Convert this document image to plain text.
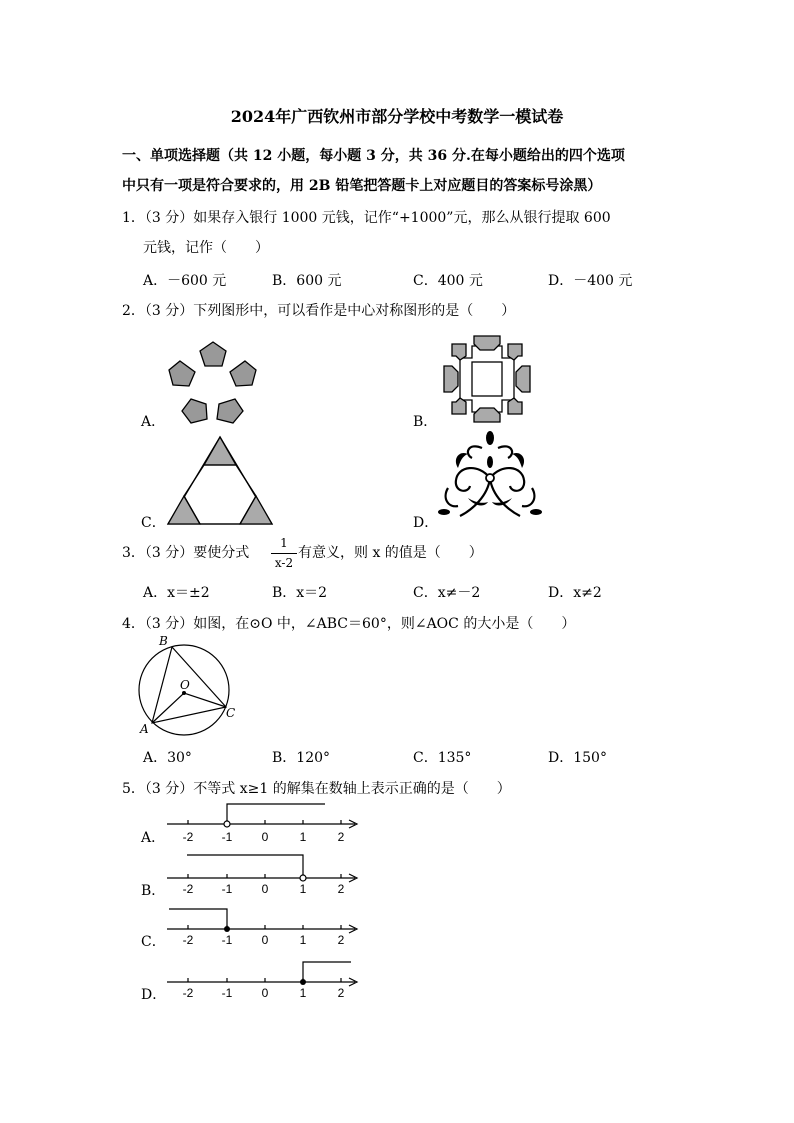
2024年广西钦州市部分学校中考数学一模试卷
一、单项选择题（共 12 小题，每小题 3 分，共 36 分.在每小题给出的四个选项
中只有一项是符合要求的，用 2B 铅笔把答题卡上对应题目的答案标号涂黑）
1．（3 分）如果存入银行 1000 元钱，记作“+1000”元，那么从银行提取 600
元钱，记作（　　）
A．－600 元	B．600 元	C．400 元	D．－400 元
2．（3 分）下列图形中，可以看作是中心对称图形的是（　　）
A．	B．
C．	D．
3．（3 分）要使分式
1
x-2
有意义，则 x 的值是（　　）
A．x＝±2	B．x＝2	C．x≠－2	D．x≠2
4．（3 分）如图，在⊙O 中，∠ABC＝60°，则∠AOC 的大小是（　　）
B
O
C
A
A．30°	B．120°	C．135°	D．150°
5．（3 分）不等式 x≥1 的解集在数轴上表示正确的是（　　）
-2 -1 0	1	2
A．
-2 -1 0	1	2
B．
-2 -1 0	1	2
C．
-2 -1 0	1	2
D．
